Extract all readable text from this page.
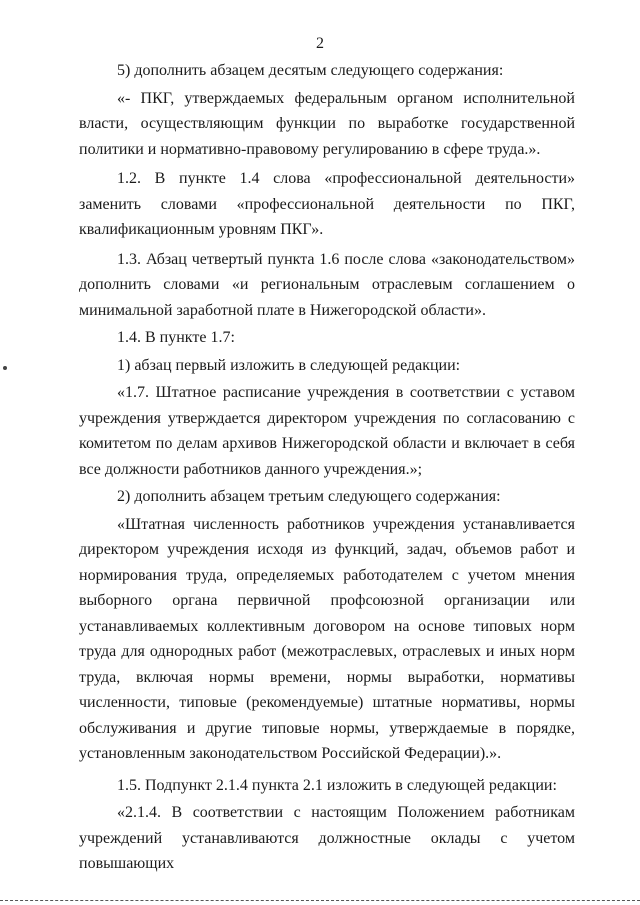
2

5) дополнить абзацем десятым следующего содержания:

«- ПКГ, утверждаемых федеральным органом исполнительной власти, осуществляющим функции по выработке государственной политики и нормативно-правовому регулированию в сфере труда.».

1.2. В пункте 1.4 слова «профессиональной деятельности» заменить словами «профессиональной деятельности по ПКГ, квалификационным уровням ПКГ».

1.3. Абзац четвертый пункта 1.6 после слова «законодательством» дополнить словами «и региональным отраслевым соглашением о минимальной заработной плате в Нижегородской области».

1.4. В пункте 1.7:

1) абзац первый изложить в следующей редакции:

«1.7. Штатное расписание учреждения в соответствии с уставом учреждения утверждается директором учреждения по согласованию с комитетом по делам архивов Нижегородской области и включает в себя все должности работников данного учреждения.»;

2) дополнить абзацем третьим следующего содержания:

«Штатная численность работников учреждения устанавливается директором учреждения исходя из функций, задач, объемов работ и нормирования труда, определяемых работодателем с учетом мнения выборного органа первичной профсоюзной организации или устанавливаемых коллективным договором на основе типовых норм труда для однородных работ (межотраслевых, отраслевых и иных норм труда, включая нормы времени, нормы выработки, нормативы численности, типовые (рекомендуемые) штатные нормативы, нормы обслуживания и другие типовые нормы, утверждаемые в порядке, установленным законодательством Российской Федерации).».

1.5. Подпункт 2.1.4 пункта 2.1 изложить в следующей редакции:

«2.1.4. В соответствии с настоящим Положением работникам учреждений устанавливаются должностные оклады с учетом повышающих
